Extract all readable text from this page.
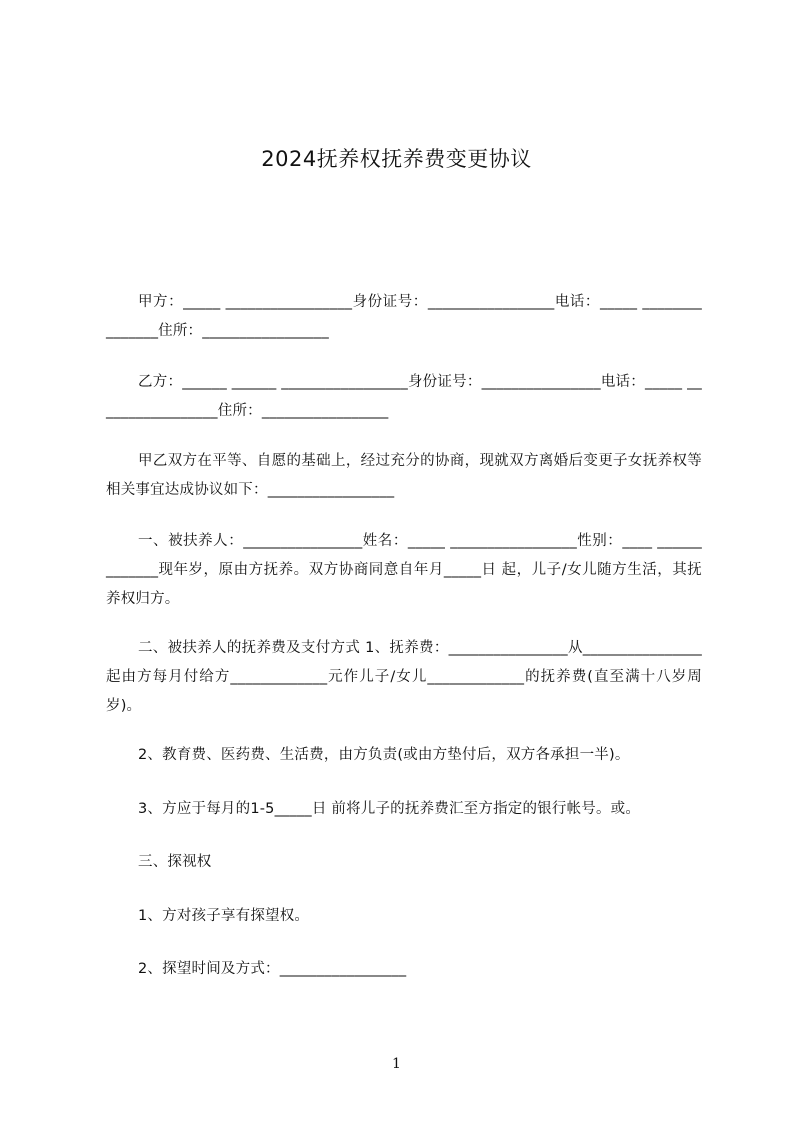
2024抚养权抚养费变更协议

甲方：_____ _________________身份证号：_________________电话：_____ _______________住所：_________________

乙方：______ ______ _________________身份证号：________________电话：_____ _________________住所：_________________

甲乙双方在平等、自愿的基础上，经过充分的协商，现就双方离婚后变更子女抚养权等相关事宜达成协议如下：_________________

一、被扶养人：________________姓名：_____ _________________性别：____ _____________现年岁，原由方抚养。双方协商同意自年月_____日 起，儿子/女儿随方生活，其抚养权归方。

二、被扶养人的抚养费及支付方式 1、抚养费：________________从________________起由方每月付给方_____________元作儿子/女儿_____________的抚养费(直至满十八岁周岁)。

2、教育费、医药费、生活费，由方负责(或由方垫付后，双方各承担一半)。

3、方应于每月的1-5_____日 前将儿子的抚养费汇至方指定的银行帐号。或。

三、探视权

1、方对孩子享有探望权。

2、探望时间及方式：_________________

1
